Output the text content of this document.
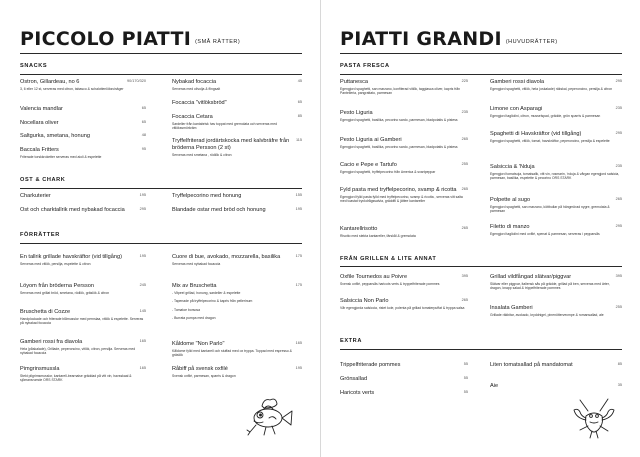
PICCOLO PIATTI $^{(SMÅ RÄTTER)}$
SNACKS
Ostron, Gillardeau, no 6
3, 6 eller 12 st, serveras med citron, tabasco & schalottenlöksvinäger
90/170/320
Valencia mandlar	65
Nocellara oliver	65
Saltgurka, smetana, honung	48
Baccala Fritters
Friterade torskkroketter serveras med aioli & espelette
95
Nybakad focaccia
Serveras med olivolja & flingsalt
45
Focaccia "vitlöksbröd"	65
Focaccia Cetara
Sardeller från kantabrisk hav toppat med gremolata och serveras med vitlökssmörkräm
85
Tryffelfriterad jordärtskocka med kalvbräfre från bröderna Persson (2 st)
Serveras med smetana , rödlök & citron
115
OST & CHARK
Charkuterier	195
Ost och charktallrik med nybakad focaccia	295
Tryffelpecorino med honung	155
Blandade ostar med bröd och honung	195
FÖRRÄTTER
En tallrik grillade havskräftor (vid tillgång)
Serveras med vitlök, persilja, espelette & citron
195
Löyom från bröderna Persson
Serveras med grillat bröd, smetana, rödlök, gräslök & citron
245
Bruschetta di Cozze
Handplockade och friterade blåmusslor med pernslaa, vitlök & espelette. Serveras på nybakad focaccia
145
Gamberi rossi fra diavola
Hela (påskalade), Grillade, peperoncino, vitlök, citron, persilja. Serveras med nybakad focaccia
165
Pimgrinsmussla
Stekt pilgrimsmusslor, kantarell-bearnaise gräddad på vitt vin, havsskaal & sjömansrumde ORS STARK
165
Cuore di bue, avokado, mozzarella, basilika
Serveras med nybakad focaccia
175
Mix av Bruschetta
- Vitpeel grillad, honung, sardeller & espelette

- Tapenade på tryffelpecorino & kapris från pellerinum

- Tomatoe borsosa

- Burrata pumpa med dragon
175
Kåldome "Non Parlo"
Kåldome fylld med kantarell och stuffad med ox tryppa. Toppad med espresso & gräslök
165
Råbiff på svensk oxfilé
Svensk oxfilé, parmesan, sparris & dragon
195
PIATTI GRANDI $^{(HUVUDRÄTTER)}$
PASTA FRESCA
Puttanesca
Egengjord spaghetti, san marzano, konfiterad vitlök, taggiasca oliver, kapris från Pantelleria, pangrattato, parmesan
225
Pesto Liguria
Egengjord spaghetti, basilika, pecorino sardo, parmesan, bladpotatis & pistess
235
Pesto Liguria ai Gamberi
Egengjord spaghetti, basilika, pecorino sardo, parmesan, bladpotatis & pistess
265
Cacio e Pepe e Tartufo
Egengjord spaghetti, tryffelpecorino från America & svartpeppar
255
Fyld pasta med tryffelpecorino, svamp & ricotta
Egengjord fylld pasta fylld med tryffelpecorino, svamp & ricotta , serveras vitt salta med toastat tryckdrågssalvia, gräddfil & jättee kantareller
265
Kantarellrisotto
Risotto med stekta kantareller, färskål & gremolata
265
Gamberi rossi diavola
Egengjord spaghetti, vitlök, hela (oskalade) räkskal, peperoncino, persilja & citron
295
Limone con Asparagi
Egengjord tagliolini, citron, musselspad, grädde, grön sparris & parmesan
235
Spaghetti di Havskräftor (vid tillgång)
Egengjord spaghetti, vitlök, tomat, havskräftor, peperoncino, persilja & espelette
295
Salsiccia & 'Nduja
Egengjord tomatsoja, tomatsalik, vitt vin, rosmarin, 'nduja & vårgan egengjord salsicia, parmesan, basilika, espelette & pecorino ORS STARK
235
Polpette al sugo
Egengjord spaghetti, san marzano, köttbullar på hängmörad nygre, gremolata & parmesan
265
Filetto di manzo
Egengjord tagliolini med oxfilé, spenat & parmesan, serveras i pepparsås
295
FRÅN GRILLEN & LITE ANNAT
Oxfile Tournedos au Poivre
Svensk oxfilé, pepparsås haricots verts & tryppelfriterade pommes
395
Salsiccia Non Parlo
Vår egengjorda salsiccia, ristet kole, polenta på grillad tomaterpuffat & tryppa salsa
265
Grillad vildfångad slätvar/piggvar
Slätvar eller piggvar, italiensk sås på grädde, grillad på ben, serveras med ärter, dragon, knapp salad & trippelfriterade pommes
395
Insalata Gamberi
Grillade räkbitar, avokado, kryddnigel, pinenöttervecmpe & romansallad, ale
255
EXTRA
Trippelfriterade pommes	55
Grönsallad	55
Haricots verts	55
Liten tomatsallad på mandatomat	85
Aie	35
